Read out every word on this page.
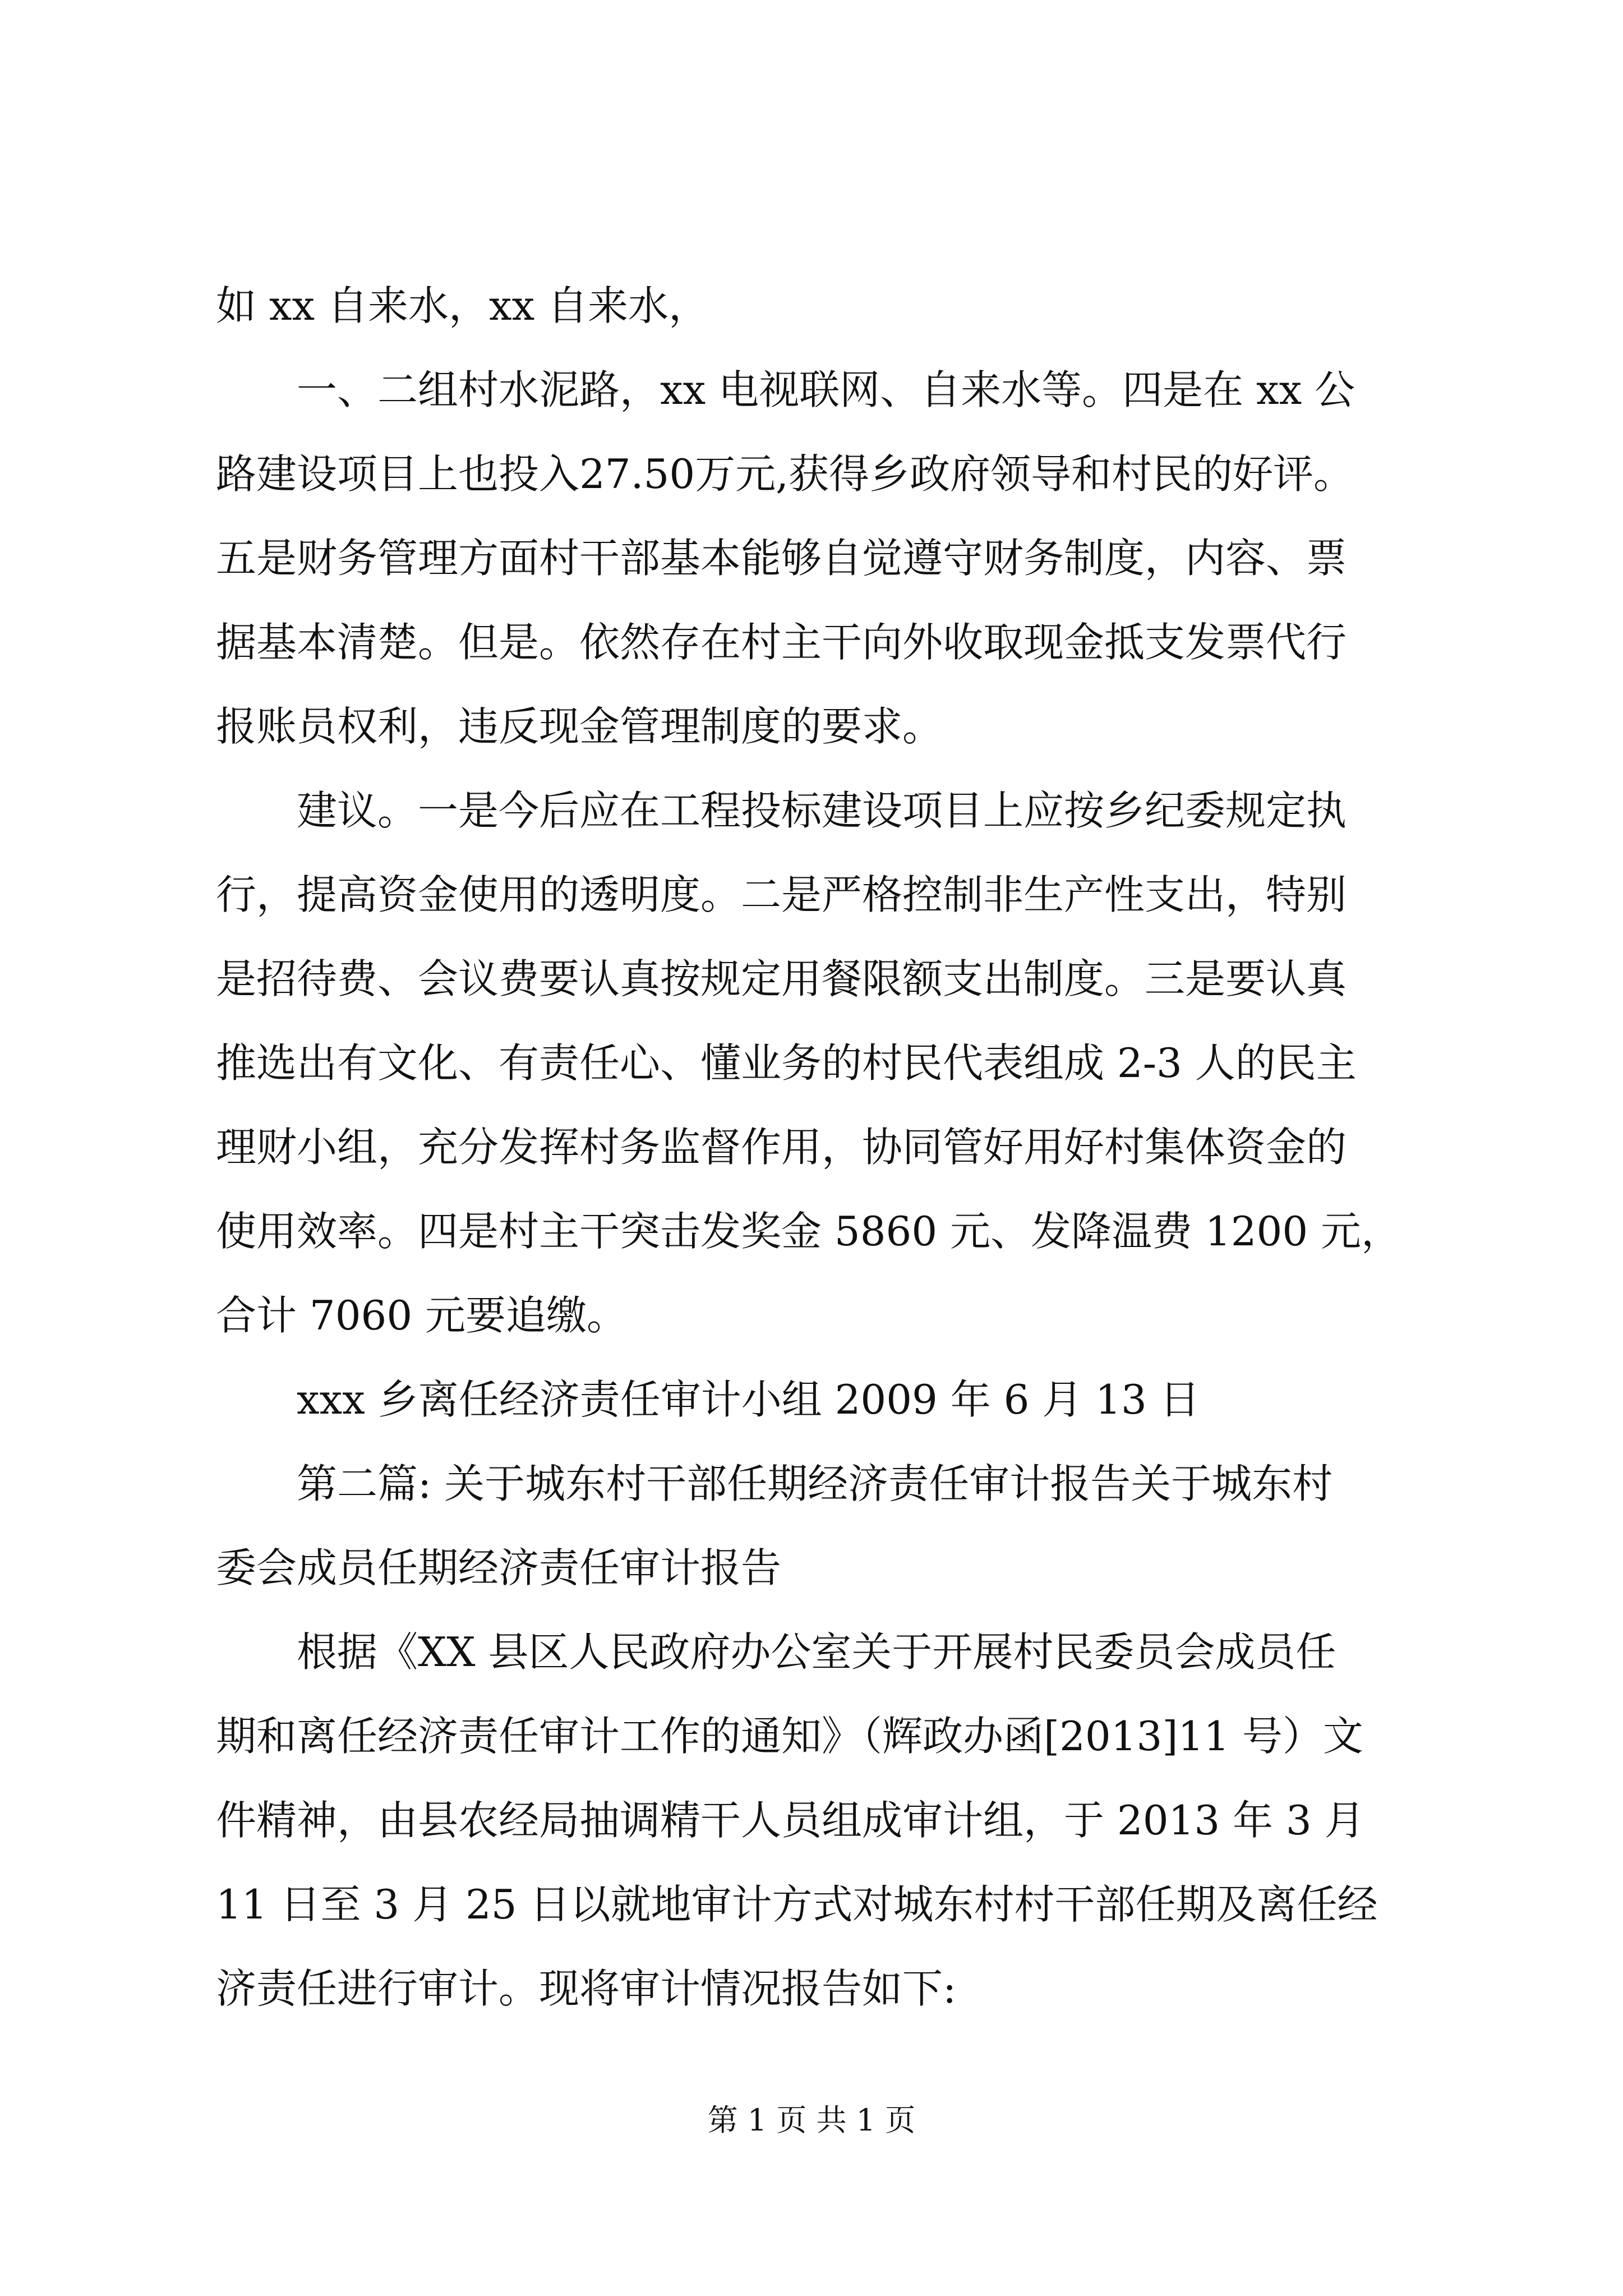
如 xx 自来水，xx 自来水，

一、二组村水泥路，xx 电视联网、自来水等。四是在 xx 公
路建设项目上也投入27.50万元,获得乡政府领导和村民的好评。
五是财务管理方面村干部基本能够自觉遵守财务制度，内容、票
据基本清楚。但是。依然存在村主干向外收取现金抵支发票代行
报账员权利，违反现金管理制度的要求。

建议。一是今后应在工程投标建设项目上应按乡纪委规定执
行，提高资金使用的透明度。二是严格控制非生产性支出，特别
是招待费、会议费要认真按规定用餐限额支出制度。三是要认真
推选出有文化、有责任心、懂业务的村民代表组成 2-3 人的民主
理财小组，充分发挥村务监督作用，协同管好用好村集体资金的
使用效率。四是村主干突击发奖金 5860 元、发降温费 1200 元，
合计 7060 元要追缴。

xxx 乡离任经济责任审计小组 2009 年 6 月 13 日

第二篇: 关于城东村干部任期经济责任审计报告关于城东村
委会成员任期经济责任审计报告

根据《XX 县区人民政府办公室关于开展村民委员会成员任
期和离任经济责任审计工作的通知》（辉政办函[2013]11 号）文
件精神，由县农经局抽调精干人员组成审计组，于 2013 年 3 月
11 日至 3 月 25 日以就地审计方式对城东村村干部任期及离任经
济责任进行审计。现将审计情况报告如下:

第 1 页 共 1 页
